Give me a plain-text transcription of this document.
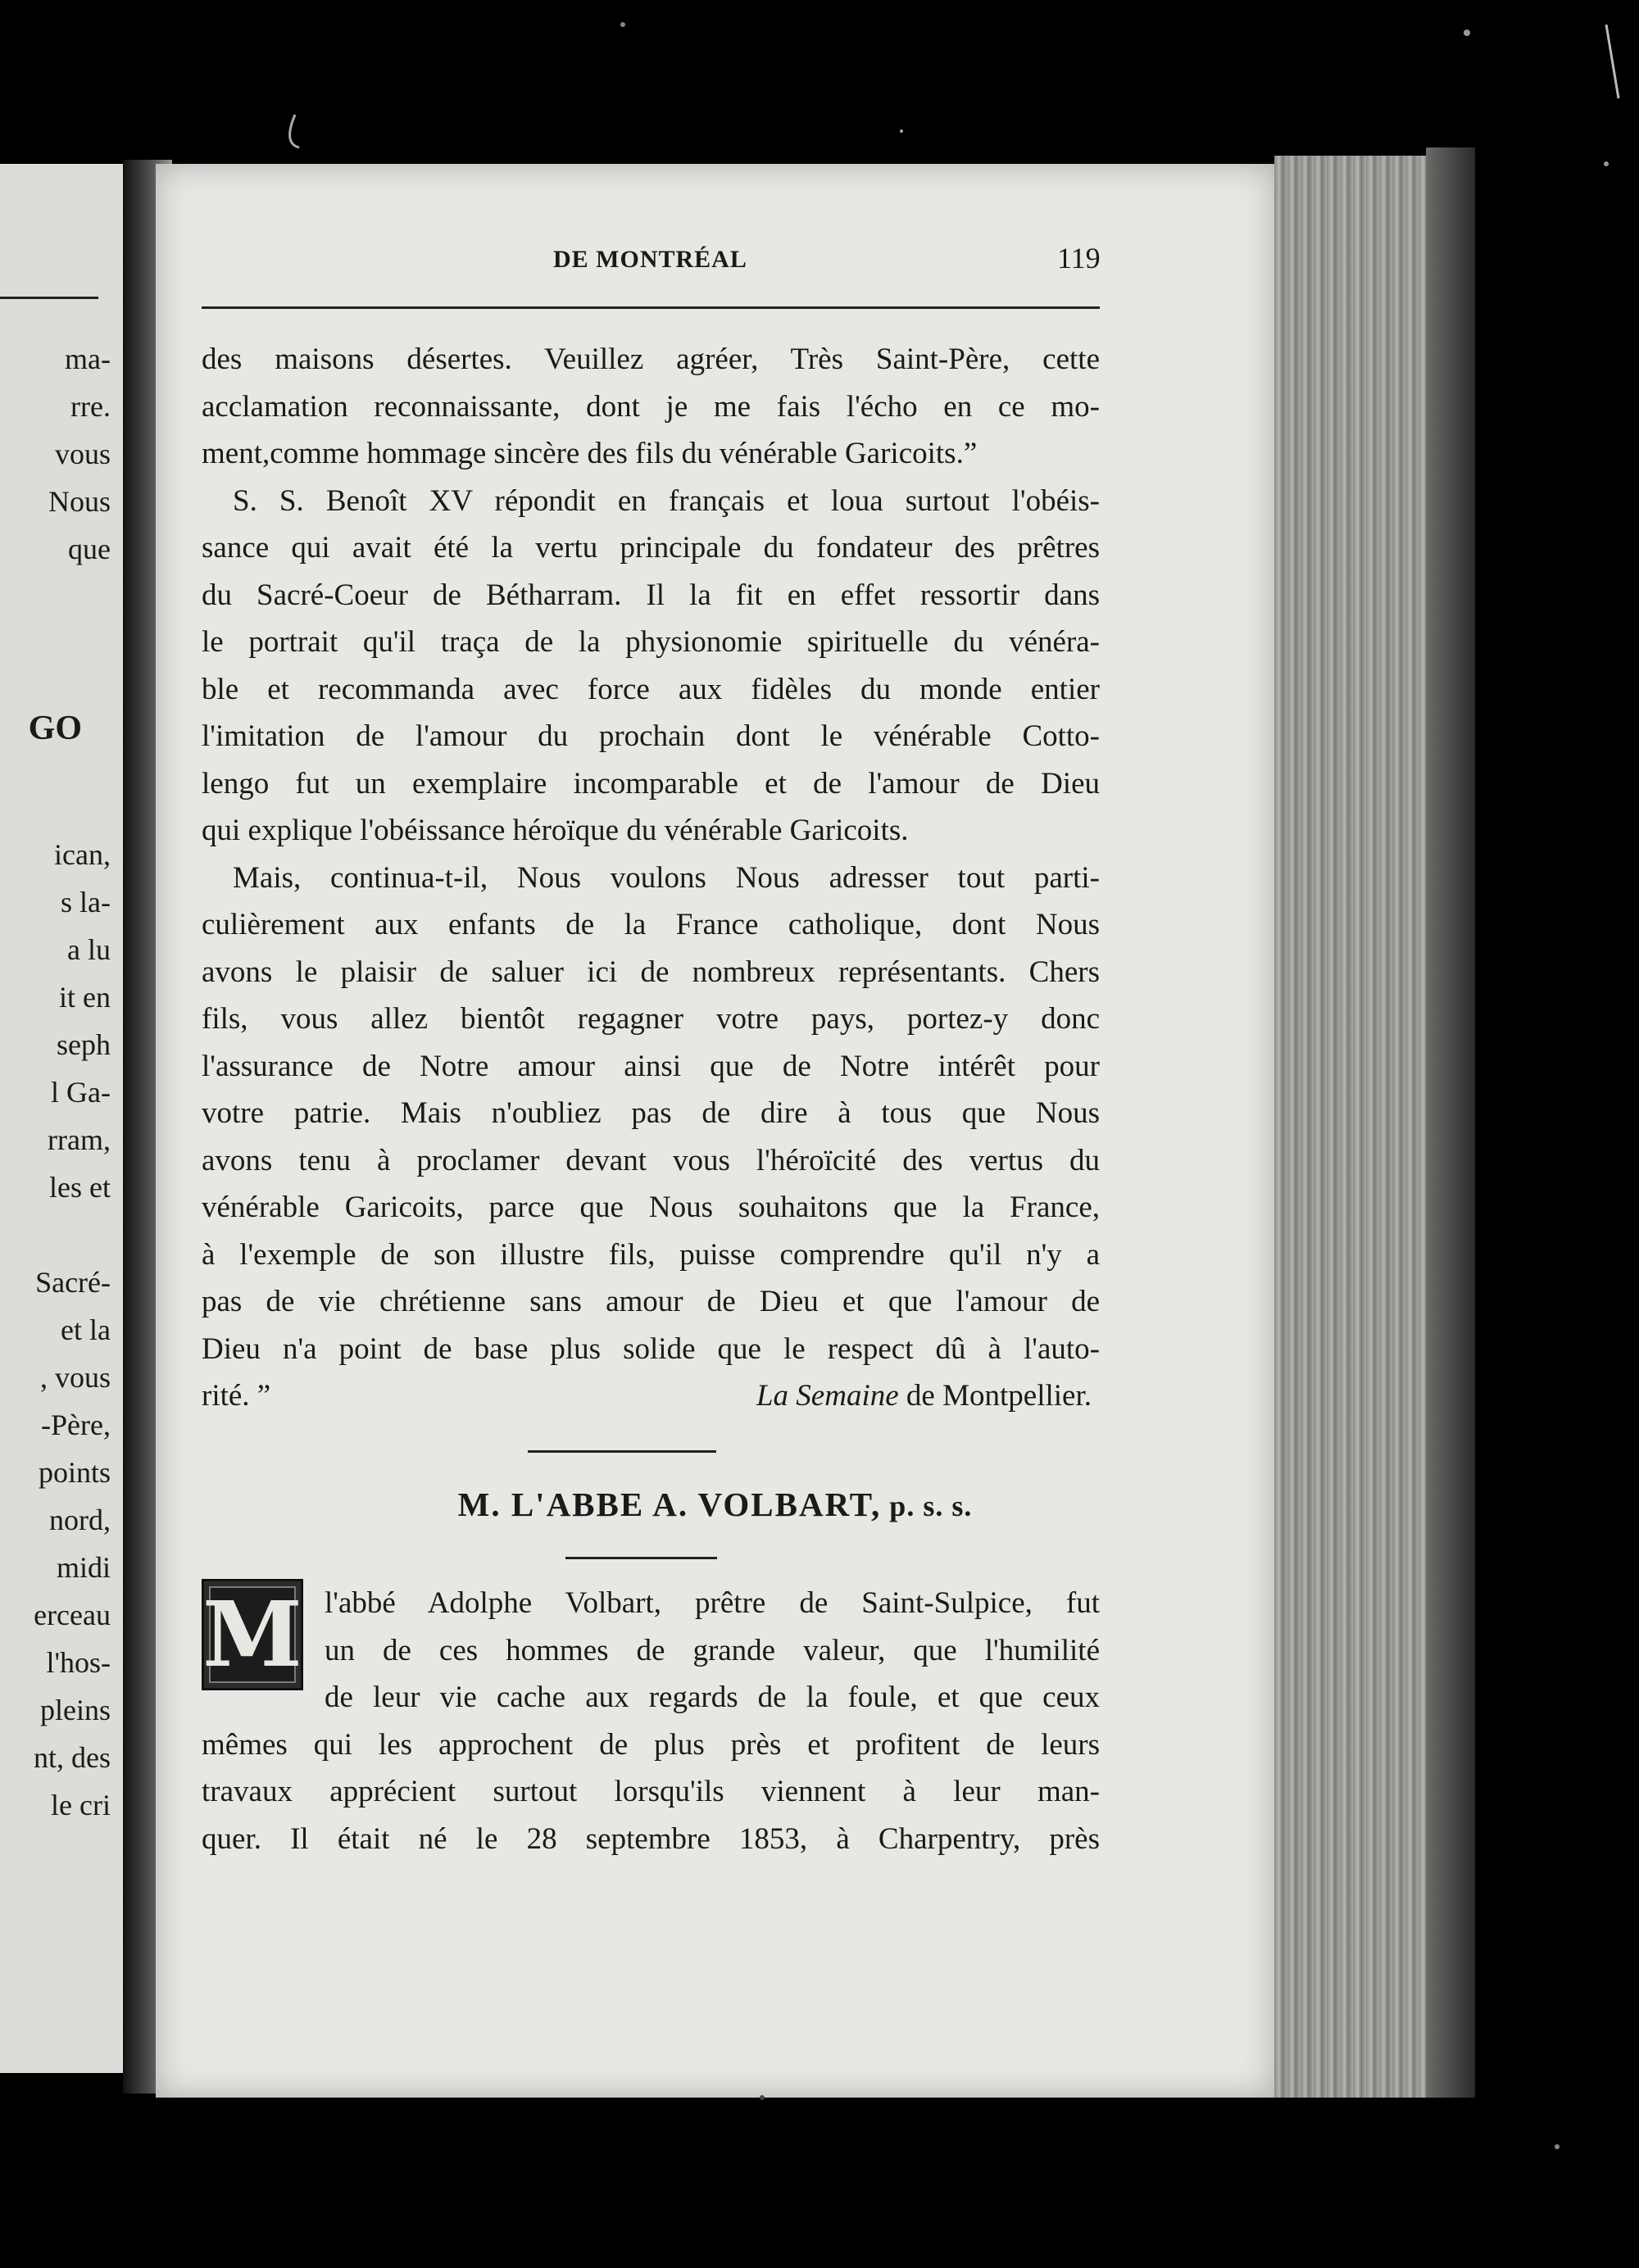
ma-
rre.
vous
Nous
que
GO
ican,
s la-
a lu
it en
seph
l Ga-
rram,
les et
Sacré-
et la
, vous
-Père,
points
nord,
midi
erceau
l'hos-
pleins
nt, des
le cri
DE MONTRÉAL	119
des maisons désertes. Veuillez agréer, Très Saint-Père, cette
acclamation reconnaissante, dont je me fais l'écho en ce mo-
ment,comme hommage sincère des fils du vénérable Garicoits.”
S. S. Benoît XV répondit en français et loua surtout l'obéis-
sance qui avait été la vertu principale du fondateur des prêtres
du Sacré-Coeur de Bétharram. Il la fit en effet ressortir dans
le portrait qu'il traça de la physionomie spirituelle du vénéra-
ble et recommanda avec force aux fidèles du monde entier
l'imitation de l'amour du prochain dont le vénérable Cotto-
lengo fut un exemplaire incomparable et de l'amour de Dieu
qui explique l'obéissance héroïque du vénérable Garicoits.
Mais, continua-t-il, Nous voulons Nous adresser tout parti-
culièrement aux enfants de la France catholique, dont Nous
avons le plaisir de saluer ici de nombreux représentants. Chers
fils, vous allez bientôt regagner votre pays, portez-y donc
l'assurance de Notre amour ainsi que de Notre intérêt pour
votre patrie. Mais n'oubliez pas de dire à tous que Nous
avons tenu à proclamer devant vous l'héroïcité des vertus du
vénérable Garicoits, parce que Nous souhaitons que la France,
à l'exemple de son illustre fils, puisse comprendre qu'il n'y a
pas de vie chrétienne sans amour de Dieu et que l'amour de
Dieu n'a point de base plus solide que le respect dû à l'auto-
rité. ”	La Semaine de Montpellier.
M. L'ABBE A. VOLBART, p. s. s.
M l'abbé Adolphe Volbart, prêtre de Saint-Sulpice, fut
un de ces hommes de grande valeur, que l'humilité
de leur vie cache aux regards de la foule, et que ceux
mêmes qui les approchent de plus près et profitent de leurs
travaux apprécient surtout lorsqu'ils viennent à leur man-
quer. Il était né le 28 septembre 1853, à Charpentry, près
